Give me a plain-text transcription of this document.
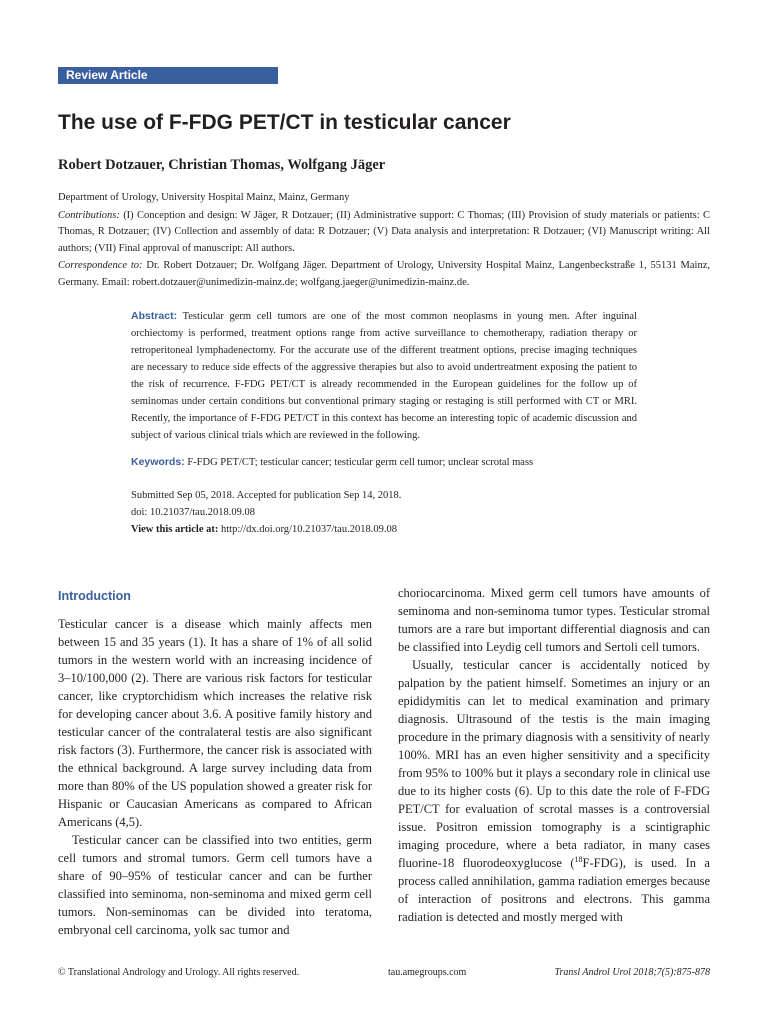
Review Article
The use of F-FDG PET/CT in testicular cancer
Robert Dotzauer, Christian Thomas, Wolfgang Jäger

Department of Urology, University Hospital Mainz, Mainz, Germany

Contributions: (I) Conception and design: W Jäger, R Dotzauer; (II) Administrative support: C Thomas; (III) Provision of study materials or patients: C Thomas, R Dotzauer; (IV) Collection and assembly of data: R Dotzauer; (V) Data analysis and interpretation: R Dotzauer; (VI) Manuscript writing: All authors; (VII) Final approval of manuscript: All authors.

Correspondence to: Dr. Robert Dotzauer; Dr. Wolfgang Jäger. Department of Urology, University Hospital Mainz, Langenbeckstraße 1, 55131 Mainz, Germany. Email: robert.dotzauer@unimedizin-mainz.de; wolfgang.jaeger@unimedizin-mainz.de.

Abstract: Testicular germ cell tumors are one of the most common neoplasms in young men. After inguinal orchiectomy is performed, treatment options range from active surveillance to chemotherapy, radiation therapy or retroperitoneal lymphadenectomy. For the accurate use of the different treatment options, precise imaging techniques are necessary to reduce side effects of the aggressive therapies but also to avoid undertreatment exposing the patient to the risk of recurrence. F-FDG PET/CT is already recommended in the European guidelines for the follow up of seminomas under certain conditions but conventional primary staging or restaging is still performed with CT or MRI. Recently, the importance of F-FDG PET/CT in this context has become an interesting topic of academic discussion and subject of various clinical trials which are reviewed in the following.

Keywords: F-FDG PET/CT; testicular cancer; testicular germ cell tumor; unclear scrotal mass

Submitted Sep 05, 2018. Accepted for publication Sep 14, 2018.

doi: 10.21037/tau.2018.09.08

View this article at: http://dx.doi.org/10.21037/tau.2018.09.08

Introduction

Testicular cancer is a disease which mainly affects men between 15 and 35 years (1). It has a share of 1% of all solid tumors in the western world with an increasing incidence of 3–10/100,000 (2). There are various risk factors for testicular cancer, like cryptorchidism which increases the relative risk for developing cancer about 3.6. A positive family history and testicular cancer of the contralateral testis are also significant risk factors (3). Furthermore, the cancer risk is associated with the ethnical background. A large survey including data from more than 80% of the US population showed a greater risk for Hispanic or Caucasian Americans as compared to African Americans (4,5).

Testicular cancer can be classified into two entities, germ cell tumors and stromal tumors. Germ cell tumors have a share of 90–95% of testicular cancer and can be further classified into seminoma, non-seminoma and mixed germ cell tumors. Non-seminomas can be divided into teratoma, embryonal cell carcinoma, yolk sac tumor and

choriocarcinoma. Mixed germ cell tumors have amounts of seminoma and non-seminoma tumor types. Testicular stromal tumors are a rare but important differential diagnosis and can be classified into Leydig cell tumors and Sertoli cell tumors.

Usually, testicular cancer is accidentally noticed by palpation by the patient himself. Sometimes an injury or an epididymitis can let to medical examination and primary diagnosis. Ultrasound of the testis is the main imaging procedure in the primary diagnosis with a sensitivity of nearly 100%. MRI has an even higher sensitivity and a specificity from 95% to 100% but it plays a secondary role in clinical use due to its higher costs (6). Up to this date the role of F-FDG PET/CT for evaluation of scrotal masses is a controversial issue. Positron emission tomography is a scintigraphic imaging procedure, where a beta radiator, in many cases fluorine-18 fluorodeoxyglucose ($^{18}$F-FDG), is used. In a process called annihilation, gamma radiation emerges because of interaction of positrons and electrons. This gamma radiation is detected and mostly merged with

© Translational Andrology and Urology. All rights reserved.	tau.amegroups.com	Transl Androl Urol 2018;7(5):875-878
